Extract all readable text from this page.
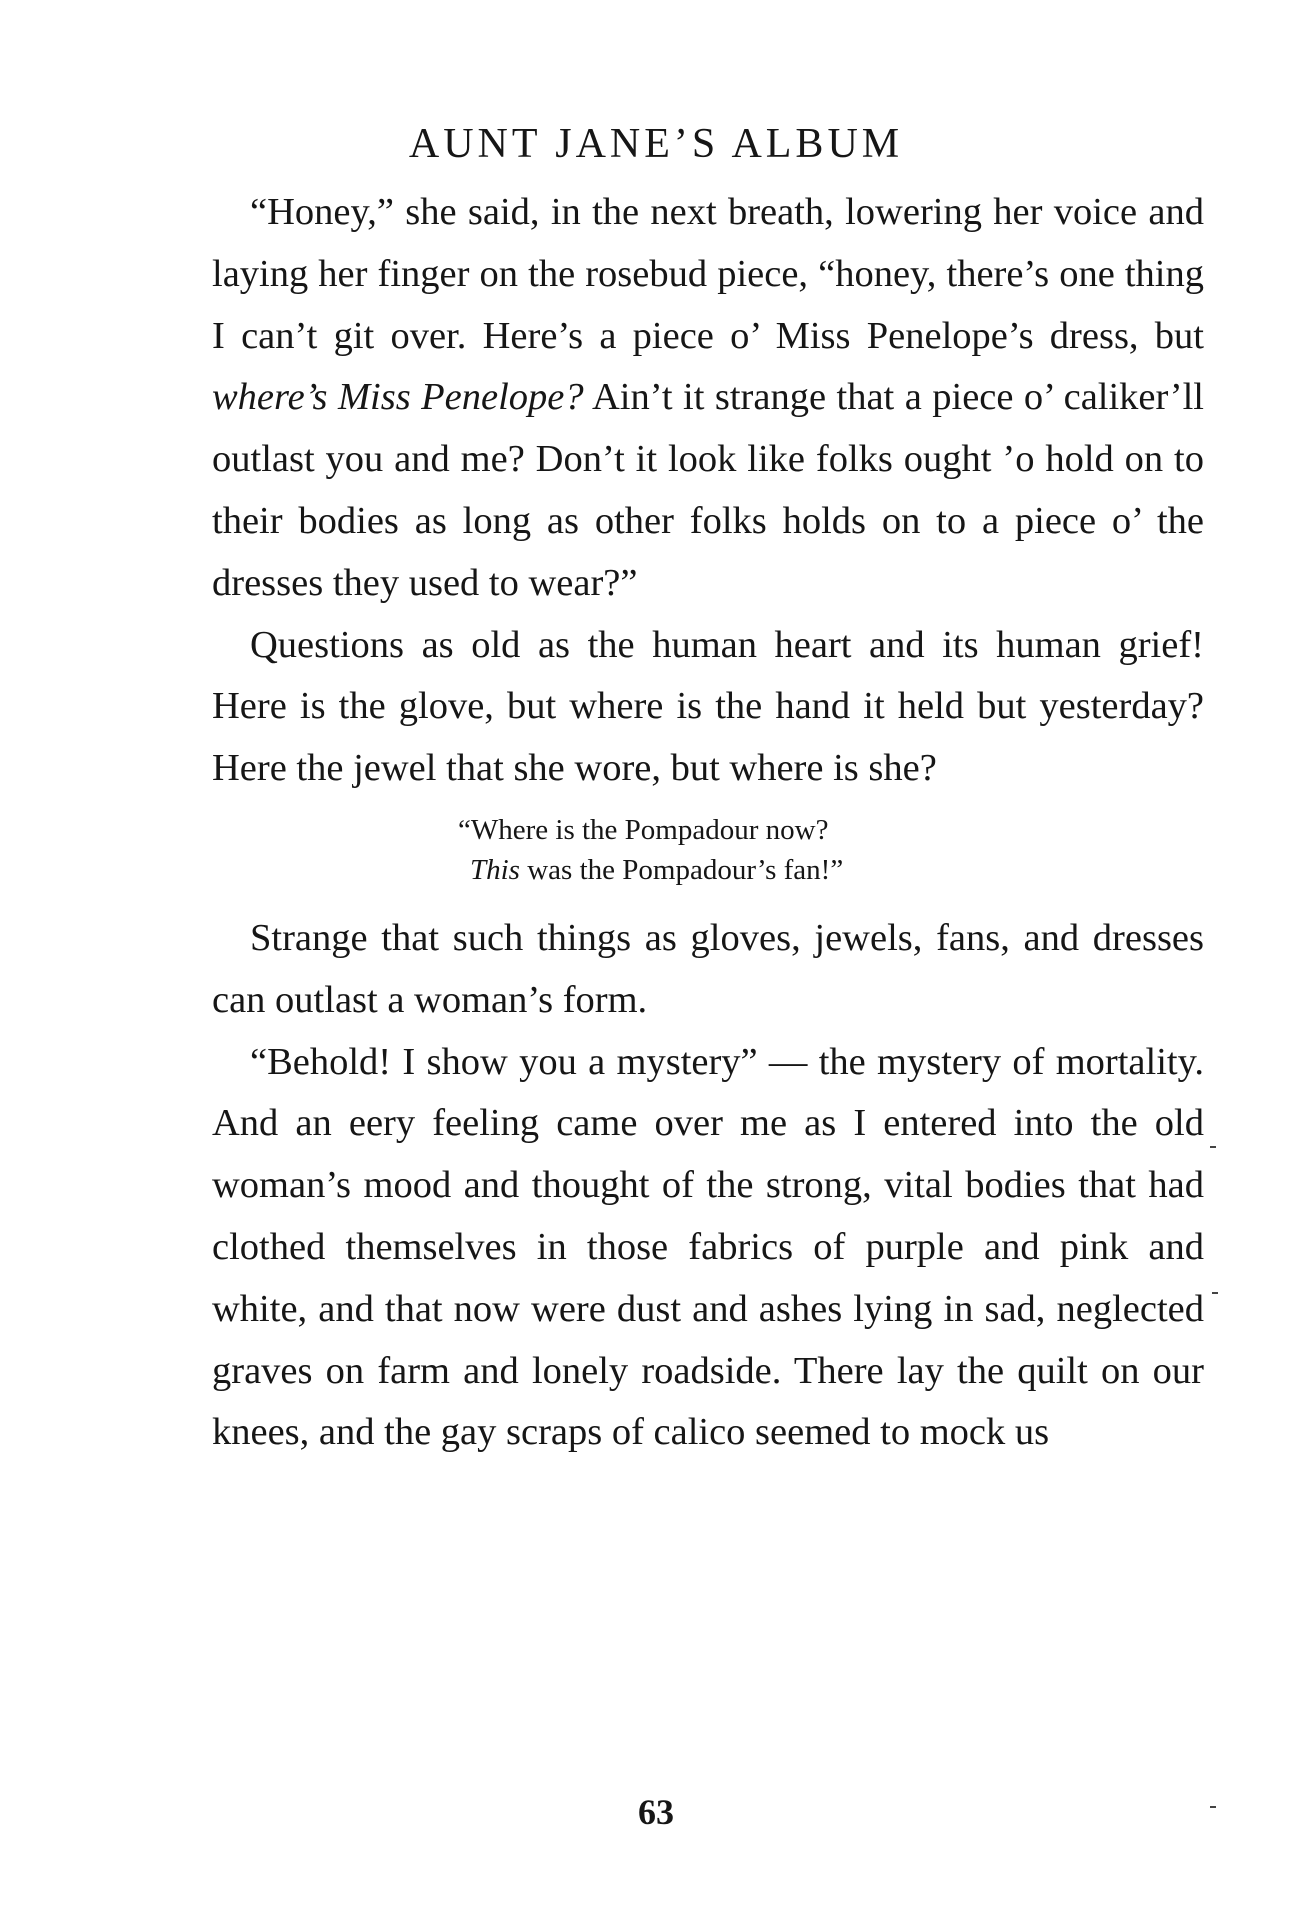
AUNT JANE’S ALBUM

“Honey,” she said, in the next breath, lowering her voice and laying her finger on the rosebud piece, “honey, there’s one thing I can’t git over. Here’s a piece o’ Miss Penelope’s dress, but where’s Miss Penelope? Ain’t it strange that a piece o’ caliker’ll outlast you and me? Don’t it look like folks ought ’o hold on to their bodies as long as other folks holds on to a piece o’ the dresses they used to wear?”

Questions as old as the human heart and its human grief! Here is the glove, but where is the hand it held but yesterday? Here the jewel that she wore, but where is she?

“Where is the Pompadour now?
This was the Pompadour’s fan!”

Strange that such things as gloves, jewels, fans, and dresses can outlast a woman’s form.

“Behold! I show you a mystery” — the mystery of mortality. And an eery feeling came over me as I entered into the old woman’s mood and thought of the strong, vital bodies that had clothed themselves in those fabrics of purple and pink and white, and that now were dust and ashes lying in sad, neglected graves on farm and lonely roadside. There lay the quilt on our knees, and the gay scraps of calico seemed to mock us

63
